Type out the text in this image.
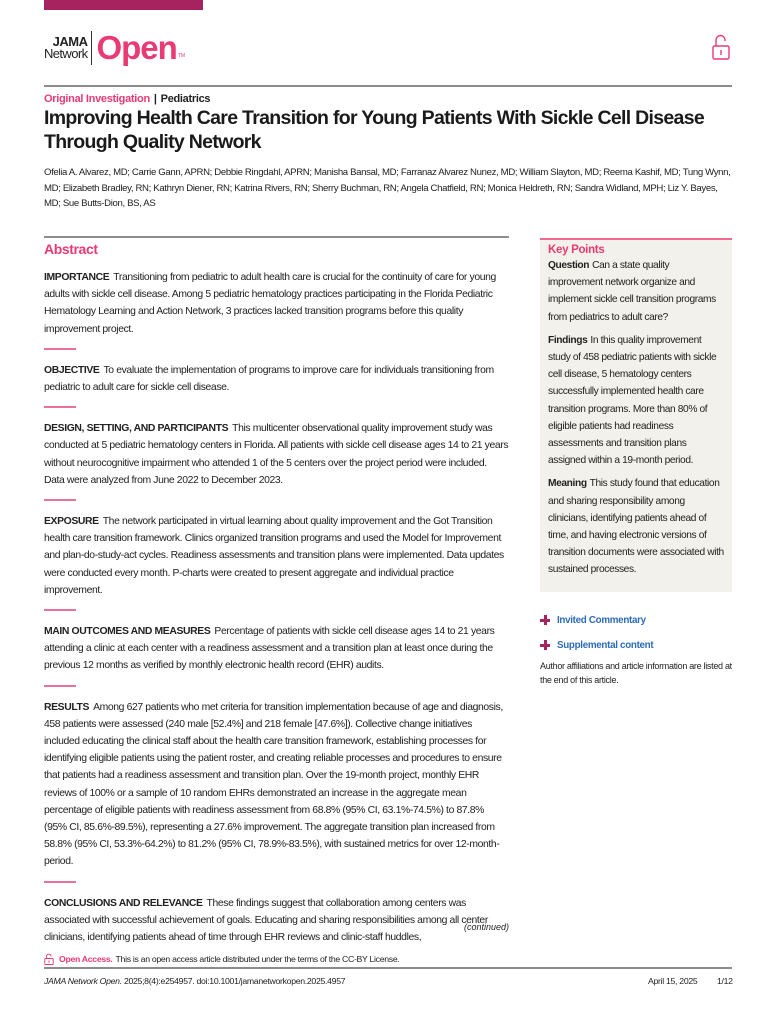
JAMA
Network Open TM
Original Investigation | Pediatrics
Improving Health Care Transition for Young Patients With Sickle Cell Disease Through Quality Network

Ofelia A. Alvarez, MD; Carrie Gann, APRN; Debbie Ringdahl, APRN; Manisha Bansal, MD; Farranaz Alvarez Nunez, MD; William Slayton, MD; Reema Kashif, MD; Tung Wynn, MD; Elizabeth Bradley, RN; Kathryn Diener, RN; Katrina Rivers, RN; Sherry Buchman, RN; Angela Chatfield, RN; Monica Heldreth, RN; Sandra Widland, MPH; Liz Y. Bayes, MD; Sue Butts-Dion, BS, AS

Abstract

IMPORTANCE Transitioning from pediatric to adult health care is crucial for the continuity of care for young adults with sickle cell disease. Among 5 pediatric hematology practices participating in the Florida Pediatric Hematology Learning and Action Network, 3 practices lacked transition programs before this quality improvement project.

OBJECTIVE To evaluate the implementation of programs to improve care for individuals transitioning from pediatric to adult care for sickle cell disease.

DESIGN, SETTING, AND PARTICIPANTS This multicenter observational quality improvement study was conducted at 5 pediatric hematology centers in Florida. All patients with sickle cell disease ages 14 to 21 years without neurocognitive impairment who attended 1 of the 5 centers over the project period were included. Data were analyzed from June 2022 to December 2023.

EXPOSURE The network participated in virtual learning about quality improvement and the Got Transition health care transition framework. Clinics organized transition programs and used the Model for Improvement and plan-do-study-act cycles. Readiness assessments and transition plans were implemented. Data updates were conducted every month. P-charts were created to present aggregate and individual practice improvement.

MAIN OUTCOMES AND MEASURES Percentage of patients with sickle cell disease ages 14 to 21 years attending a clinic at each center with a readiness assessment and a transition plan at least once during the previous 12 months as verified by monthly electronic health record (EHR) audits.

RESULTS Among 627 patients who met criteria for transition implementation because of age and diagnosis, 458 patients were assessed (240 male [52.4%] and 218 female [47.6%]). Collective change initiatives included educating the clinical staff about the health care transition framework, establishing processes for identifying eligible patients using the patient roster, and creating reliable processes and procedures to ensure that patients had a readiness assessment and transition plan. Over the 19-month project, monthly EHR reviews of 100% or a sample of 10 random EHRs demonstrated an increase in the aggregate mean percentage of eligible patients with readiness assessment from 68.8% (95% CI, 63.1%-74.5%) to 87.8% (95% CI, 85.6%-89.5%), representing a 27.6% improvement. The aggregate transition plan increased from 58.8% (95% CI, 53.3%-64.2%) to 81.2% (95% CI, 78.9%-83.5%), with sustained metrics for over 12-month-period.

CONCLUSIONS AND RELEVANCE These findings suggest that collaboration among centers was associated with successful achievement of goals. Educating and sharing responsibilities among all center clinicians, identifying patients ahead of time through EHR reviews and clinic-staff huddles,

(continued)
Key Points

Question Can a state quality improvement network organize and implement sickle cell transition programs from pediatrics to adult care?

Findings In this quality improvement study of 458 pediatric patients with sickle cell disease, 5 hematology centers successfully implemented health care transition programs. More than 80% of eligible patients had readiness assessments and transition plans assigned within a 19-month period.

Meaning This study found that education and sharing responsibility among clinicians, identifying patients ahead of time, and having electronic versions of transition documents were associated with sustained processes.

Invited Commentary
Supplemental content

Author affiliations and article information are listed at the end of this article.

Open Access. This is an open access article distributed under the terms of the CC-BY License.
JAMA Network Open. 2025;8(4):e254957. doi:10.1001/jamanetworkopen.2025.4957	April 15, 2025 1/12
